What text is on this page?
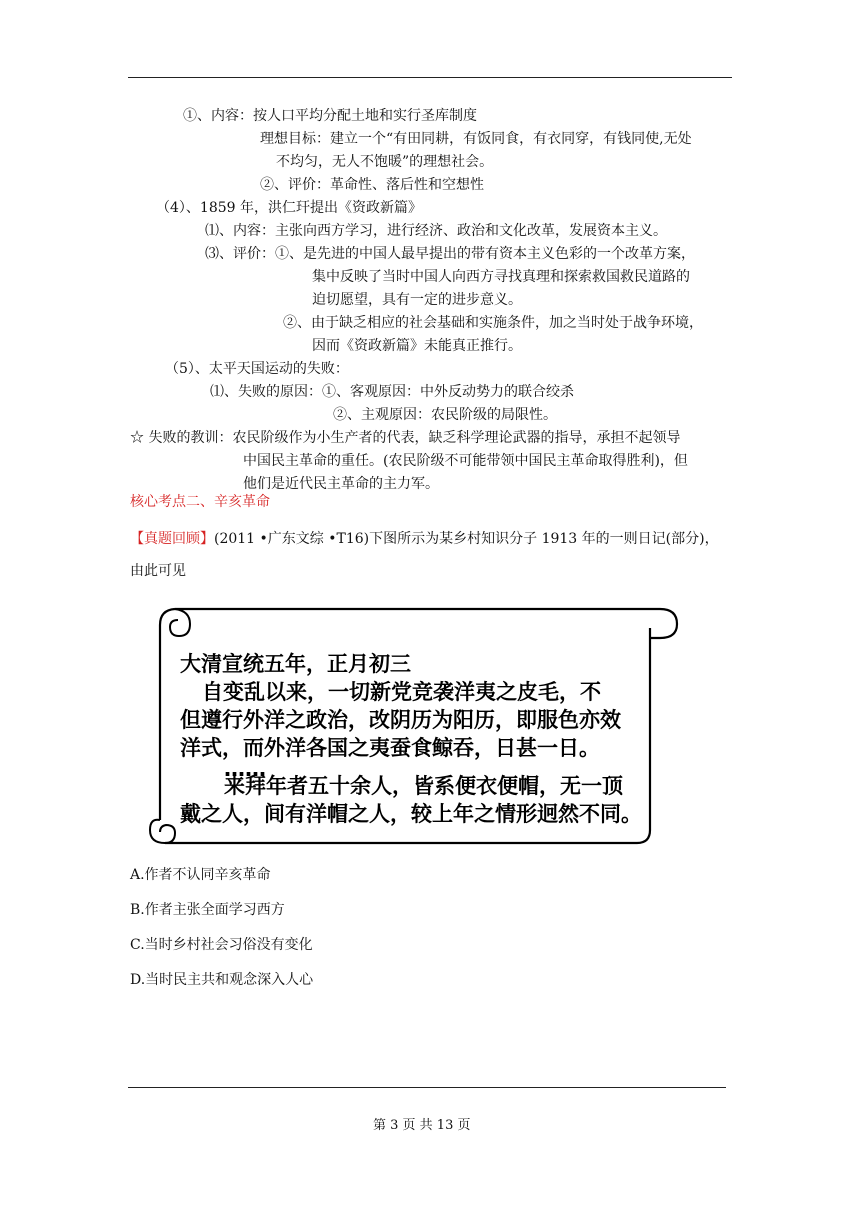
①、内容：按人口平均分配土地和实行圣库制度
理想目标：建立一个“有田同耕，有饭同食，有衣同穿，有钱同使,无处
不均匀，无人不饱暖”的理想社会。
②、评价：革命性、落后性和空想性
（4）、1859 年，洪仁玕提出《资政新篇》
⑴、内容：主张向西方学习，进行经济、政治和文化改革，发展资本主义。
⑶、评价：①、是先进的中国人最早提出的带有资本主义色彩的一个改革方案，
集中反映了当时中国人向西方寻找真理和探索救国救民道路的
迫切愿望，具有一定的进步意义。
②、由于缺乏相应的社会基础和实施条件，加之当时处于战争环境，
因而《资政新篇》未能真正推行。
（5）、太平天国运动的失败：
⑴、失败的原因：①、客观原因：中外反动势力的联合绞杀
②、主观原因：农民阶级的局限性。
☆ 失败的教训：农民阶级作为小生产者的代表，缺乏科学理论武器的指导，承担不起领导
中国民主革命的重任。(农民阶级不可能带领中国民主革命取得胜利)，但
他们是近代民主革命的主力军。
核心考点二、辛亥革命
【真题回顾】(2011 •广东文综 •T16)下图所示为某乡村知识分子 1913 年的一则日记(部分)，
由此可见
大清宣统五年，正月初三
自变乱以来，一切新党竞袭洋夷之皮毛，不
但遵行外洋之政治，改阴历为阳历，即服色亦效
洋式，而外洋各国之夷蚕食鲸吞，日甚一日。
……
来拜年者五十余人，皆系便衣便帽，无一顶
戴之人，间有洋帽之人，较上年之情形迥然不同。
A.作者不认同辛亥革命
B.作者主张全面学习西方
C.当时乡村社会习俗没有变化
D.当时民主共和观念深入人心
第 3 页 共 13 页
